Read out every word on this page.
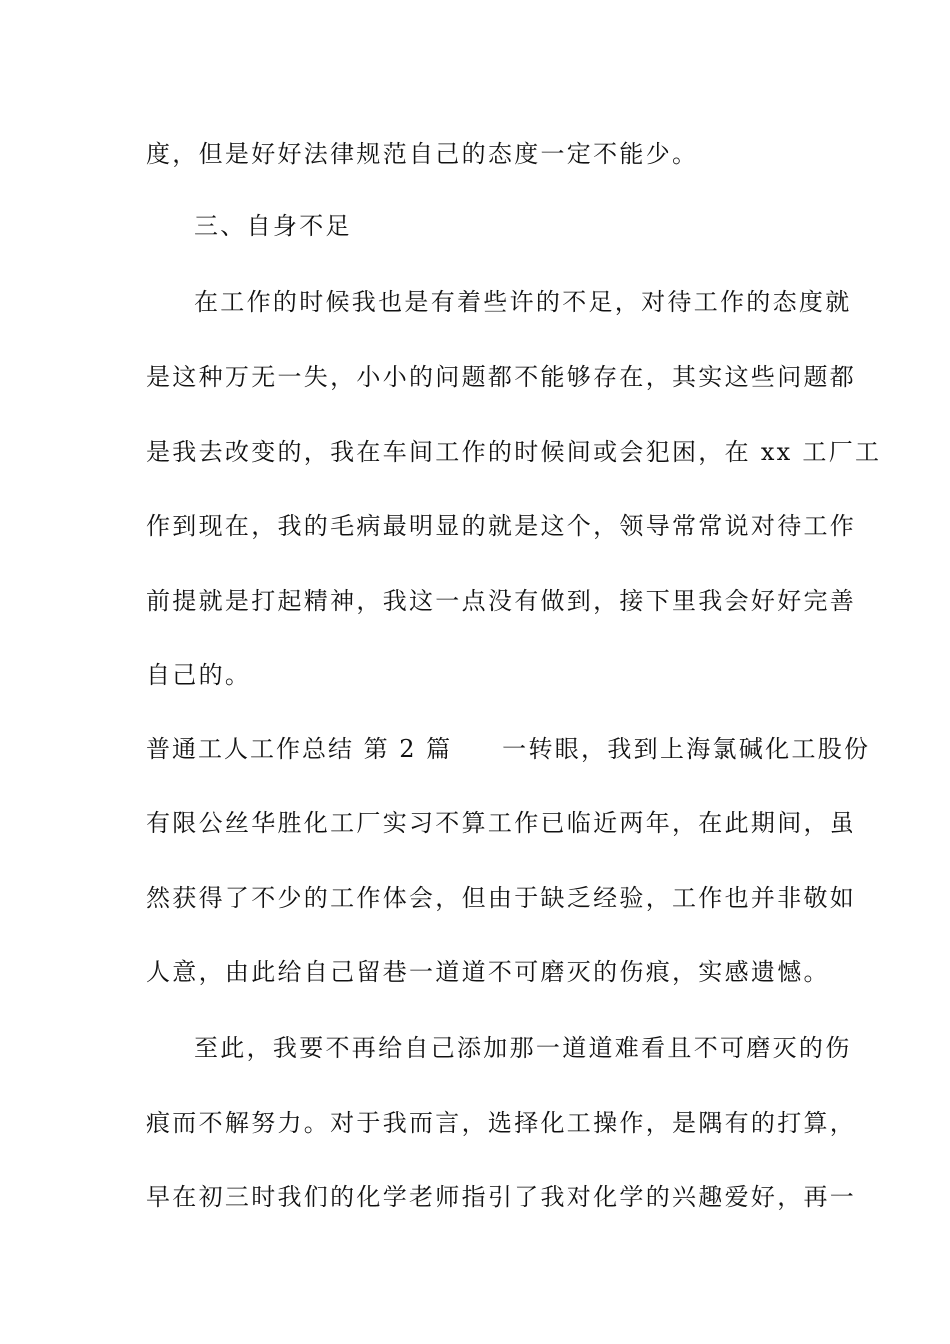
度，但是好好法律规范自己的态度一定不能少。
三、自身不足
在工作的时候我也是有着些许的不足，对待工作的态度就
是这种万无一失，小小的问题都不能够存在，其实这些问题都
是我去改变的，我在车间工作的时候间或会犯困，在 xx 工厂工
作到现在，我的毛病最明显的就是这个，领导常常说对待工作
前提就是打起精神，我这一点没有做到，接下里我会好好完善
自己的。
普通工人工作总结 第 2 篇 一转眼，我到上海氯碱化工股份
有限公丝华胜化工厂实习不算工作已临近两年，在此期间，虽
然获得了不少的工作体会，但由于缺乏经验，工作也并非敬如
人意，由此给自己留巷一道道不可磨灭的伤痕，实感遗憾。
至此，我要不再给自己添加那一道道难看且不可磨灭的伤
痕而不解努力。对于我而言，选择化工操作，是隅有的打算，
早在初三时我们的化学老师指引了我对化学的兴趣爱好，再一
